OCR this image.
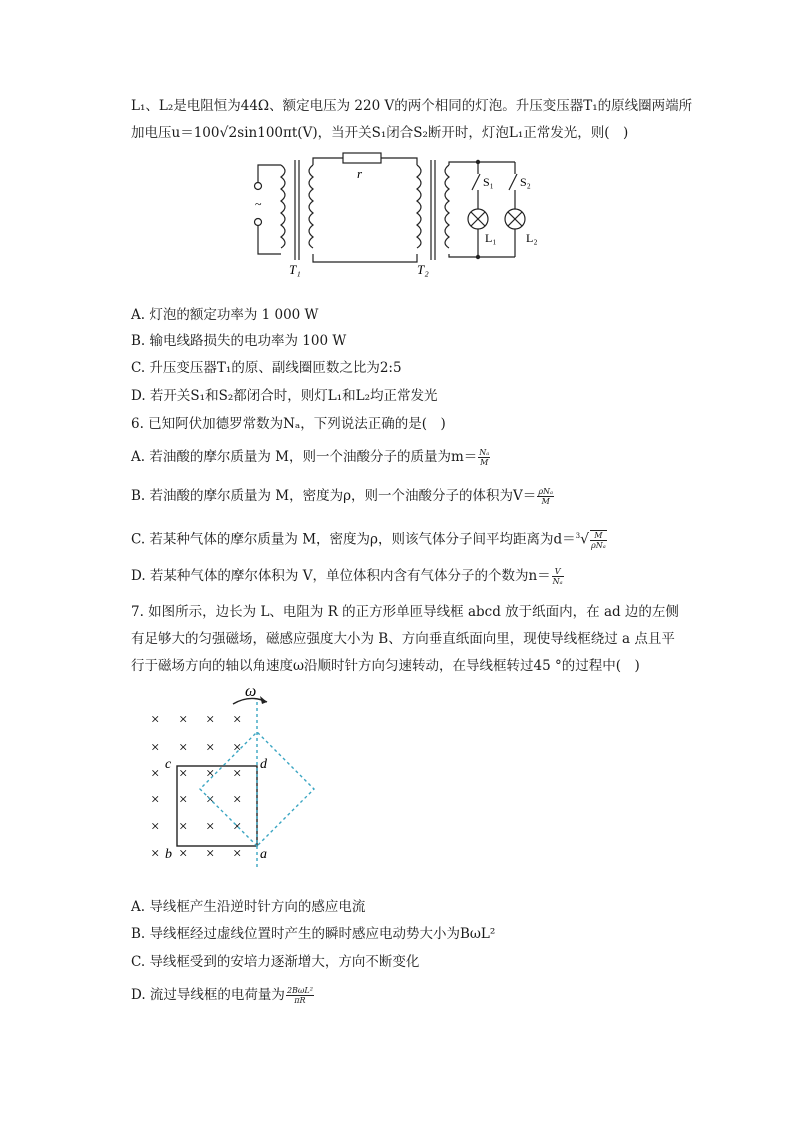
L₁、L₂是电阻恒为44Ω、额定电压为 220 V的两个相同的灯泡。升压变压器T₁的原线圈两端所
加电压u＝100√2sin100πt(V)，当开关S₁闭合S₂断开时，灯泡L₁正常发光，则(　)
~
r
T₁	T₂
S₁ S₂
L₁ L₂
A. 灯泡的额定功率为 1 000 W
B. 输电线路损失的电功率为 100 W
C. 升压变压器T₁的原、副线圈匝数之比为2:5
D. 若开关S₁和S₂都闭合时，则灯L₁和L₂均正常发光
6. 已知阿伏加德罗常数为Nₐ，下列说法正确的是(　)
A. 若油酸的摩尔质量为 M，则一个油酸分子的质量为$m= \frac{\text{Nₐ}}{M}$
B. 若油酸的摩尔质量为 M，密度为ρ，则一个油酸分子的体积为$V= \frac{\text{ρNₐ}}{M}$
C. 若某种气体的摩尔质量为 M，密度为ρ，则该气体分子间平均距离为$d=^3√ \frac{M}{\text{ρNₐ}}$
D. 若某种气体的摩尔体积为 V，单位体积内含有气体分子的个数为$n= \frac{V}{\text{Nₐ}}$
7. 如图所示，边长为 L、电阻为 R 的正方形单匝导线框 abcd 放于纸面内，在 ad 边的左侧
有足够大的匀强磁场，磁感应强度大小为 B、方向垂直纸面向里，现使导线框绕过 a 点且平
行于磁场方向的轴以角速度ω沿顺时针方向匀速转动，在导线框转过45 °的过程中(　)
× × × ×
× × × ×
× × × ×
× × × ×
× × × ×
× × × ×
ω
a
b
c	d
A. 导线框产生沿逆时针方向的感应电流
B. 导线框经过虚线位置时产生的瞬时感应电动势大小为BωL²
C. 导线框受到的安培力逐渐增大，方向不断变化
D. 流过导线框的电荷量为 $\frac{\text{2BωL²}}{\pi R}$
